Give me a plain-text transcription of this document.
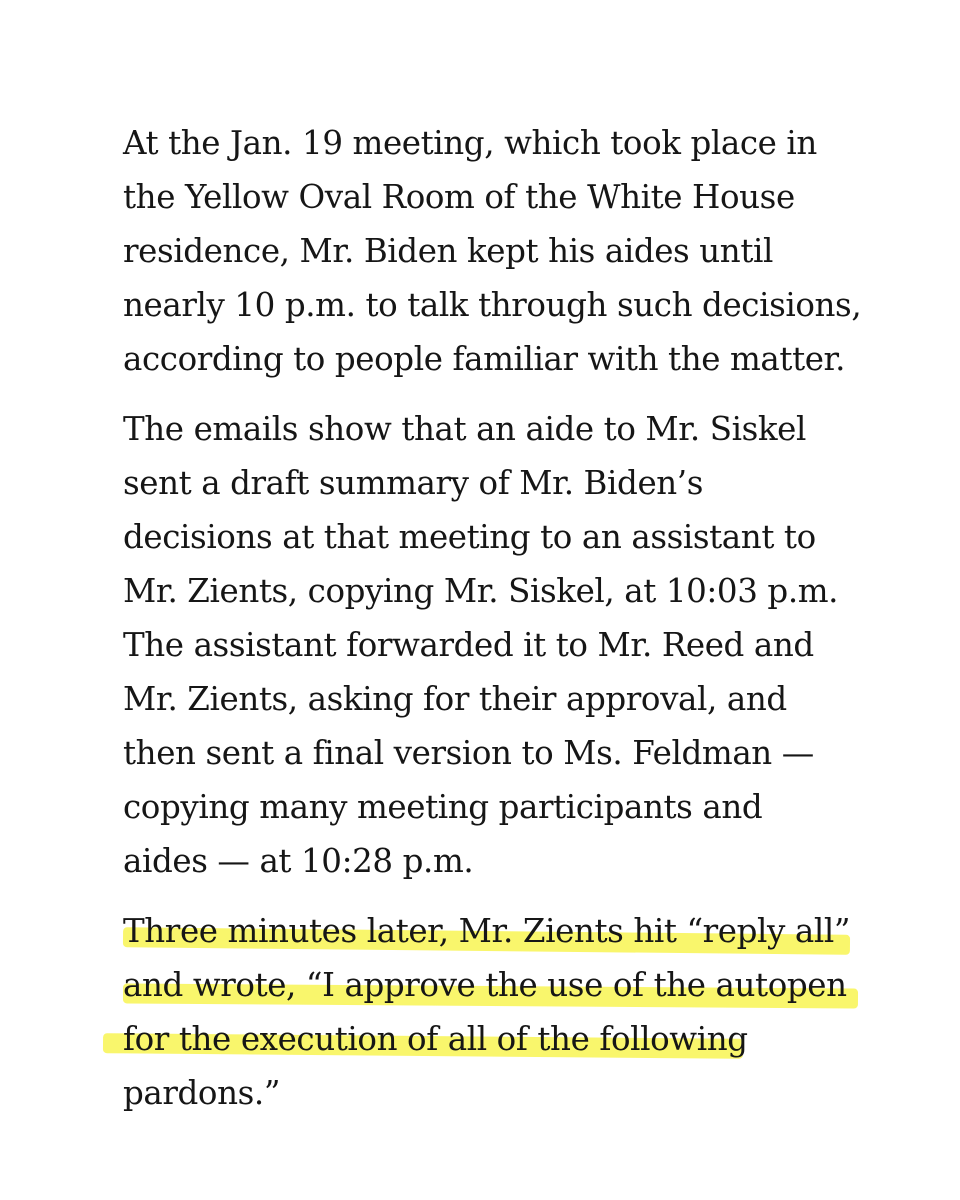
At the Jan. 19 meeting, which took place in
the Yellow Oval Room of the White House
residence, Mr. Biden kept his aides until
nearly 10 p.m. to talk through such decisions,
according to people familiar with the matter.
The emails show that an aide to Mr. Siskel
sent a draft summary of Mr. Biden’s
decisions at that meeting to an assistant to
Mr. Zients, copying Mr. Siskel, at 10:03 p.m.
The assistant forwarded it to Mr. Reed and
Mr. Zients, asking for their approval, and
then sent a final version to Ms. Feldman —
copying many meeting participants and
aides — at 10:28 p.m.
Three minutes later, Mr. Zients hit “reply all”
and wrote, “I approve the use of the autopen
for the execution of all of the following
pardons.”
